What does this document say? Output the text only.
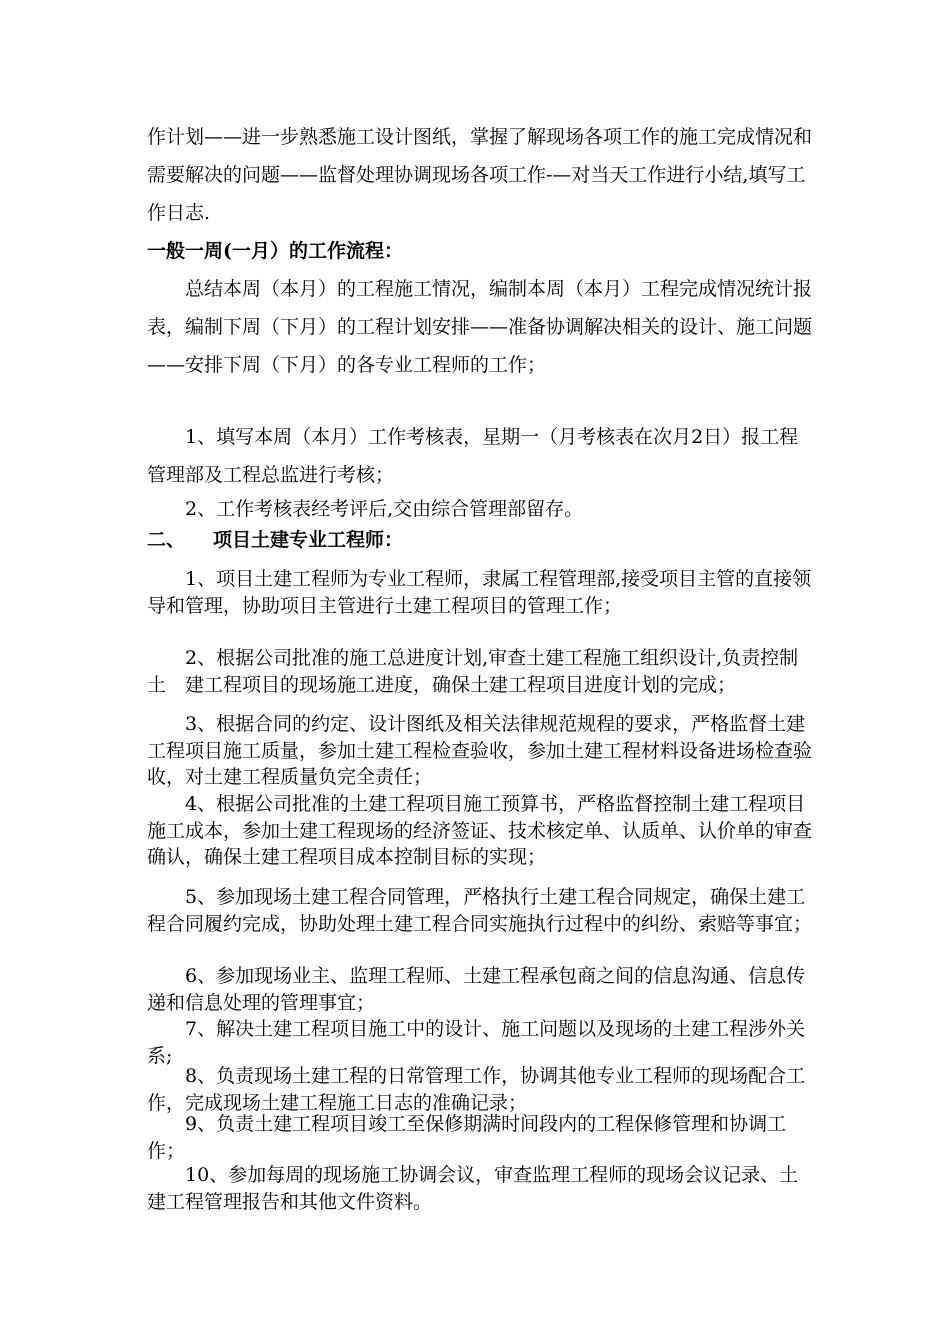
作计划——进一步熟悉施工设计图纸，掌握了解现场各项工作的施工完成情况和需要解决的问题——监督处理协调现场各项工作-—对当天工作进行小结,填写工作日志.

一般一周(一月）的工作流程：

总结本周（本月）的工程施工情况，编制本周（本月）工程完成情况统计报表，编制下周（下月）的工程计划安排——准备协调解决相关的设计、施工问题——安排下周（下月）的各专业工程师的工作；

1、填写本周（本月）工作考核表，星期一（月考核表在次月2日）报工程管理部及工程总监进行考核；

2、工作考核表经考评后,交由综合管理部留存。

二、 项目土建专业工程师：

1、项目土建工程师为专业工程师，隶属工程管理部,接受项目主管的直接领导和管理，协助项目主管进行土建工程项目的管理工作；

2、根据公司批准的施工总进度计划,审查土建工程施工组织设计,负责控制土　建工程项目的现场施工进度，确保土建工程项目进度计划的完成；

3、根据合同的约定、设计图纸及相关法律规范规程的要求，严格监督土建工程项目施工质量，参加土建工程检查验收，参加土建工程材料设备进场检查验收，对土建工程质量负完全责任；

4、根据公司批准的土建工程项目施工预算书，严格监督控制土建工程项目施工成本，参加土建工程现场的经济签证、技术核定单、认质单、认价单的审查确认，确保土建工程项目成本控制目标的实现；

5、参加现场土建工程合同管理，严格执行土建工程合同规定，确保土建工程合同履约完成，协助处理土建工程合同实施执行过程中的纠纷、索赔等事宜；

6、参加现场业主、监理工程师、土建工程承包商之间的信息沟通、信息传递和信息处理的管理事宜；

7、解决土建工程项目施工中的设计、施工问题以及现场的土建工程涉外关系;

8、负责现场土建工程的日常管理工作，协调其他专业工程师的现场配合工作，完成现场土建工程施工日志的准确记录；

9、负责土建工程项目竣工至保修期满时间段内的工程保修管理和协调工作；

10、参加每周的现场施工协调会议，审查监理工程师的现场会议记录、土建工程管理报告和其他文件资料。
